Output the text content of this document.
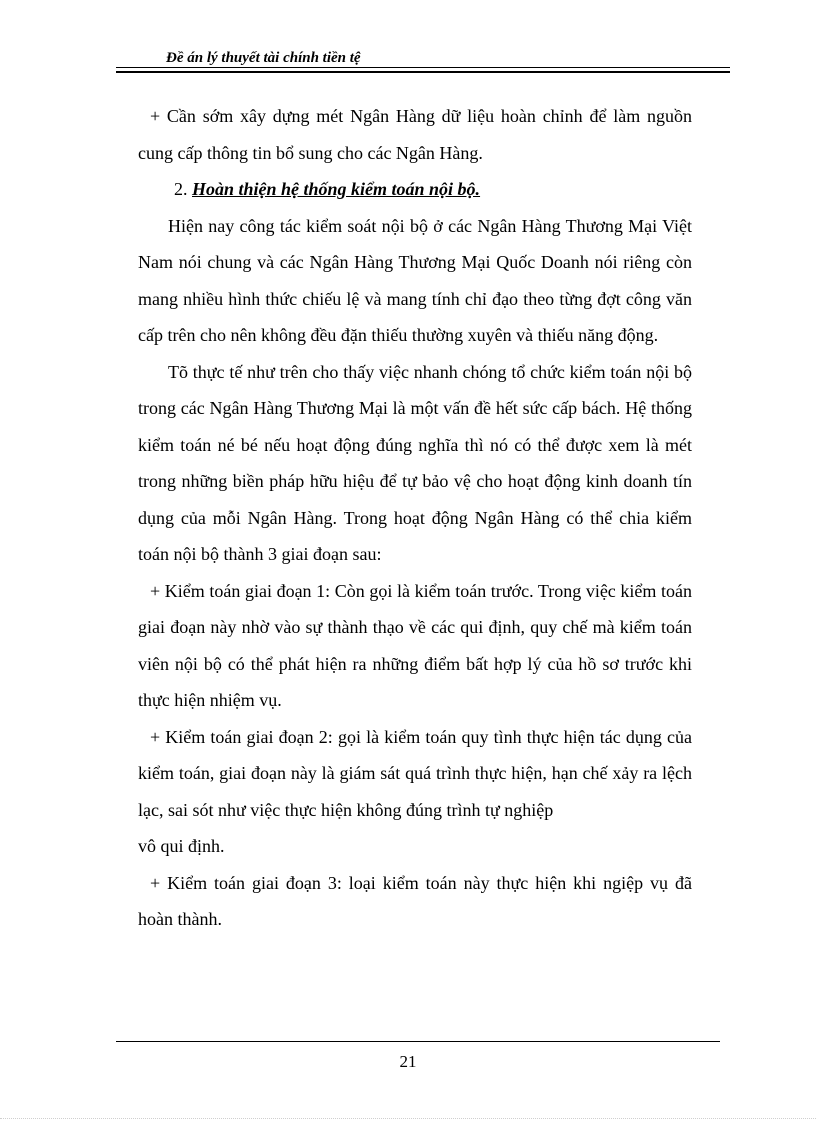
Đề án lý thuyết tài chính tiền tệ

+ Cần sớm xây dựng mét Ngân Hàng dữ liệu hoàn chỉnh để làm nguồn cung cấp thông tin bổ sung cho các Ngân Hàng.

2. Hoàn thiện hệ thống kiểm toán nội bộ.

Hiện nay công tác kiểm soát nội bộ ở các Ngân Hàng Thương Mại Việt Nam nói chung và các Ngân Hàng Thương Mại Quốc Doanh nói riêng còn mang nhiều hình thức chiếu lệ và mang tính chỉ đạo theo từng đợt công văn cấp trên cho nên không đều đặn thiếu thường xuyên và thiếu năng động.

Tõ thực tế như trên cho thấy việc nhanh chóng tổ chức kiểm toán nội bộ trong các Ngân Hàng Thương Mại là một vấn đề hết sức cấp bách. Hệ thống kiểm toán né bé nếu hoạt động đúng nghĩa thì nó có thể được xem là mét trong những biền pháp hữu hiệu để tự bảo vệ cho hoạt động kinh doanh tín dụng của mỗi Ngân Hàng. Trong hoạt động Ngân Hàng có thể chia kiểm toán nội bộ thành 3 giai đoạn sau:

+ Kiểm toán giai đoạn 1: Còn gọi là kiểm toán trước. Trong việc kiểm toán giai đoạn này nhờ vào sự thành thạo về các qui định, quy chế mà kiểm toán viên nội bộ có thể phát hiện ra những điểm bất hợp lý của hồ sơ trước khi thực hiện nhiệm vụ.

+ Kiểm toán giai đoạn 2: gọi là kiểm toán quy tình thực hiện tác dụng của kiểm toán, giai đoạn này là giám sát quá trình thực hiện, hạn chế xảy ra lệch lạc, sai sót như việc thực hiện không đúng trình tự nghiệp

vô qui định.

+ Kiểm toán giai đoạn 3: loại kiểm toán này thực hiện khi ngiệp vụ đã hoàn thành.

21
